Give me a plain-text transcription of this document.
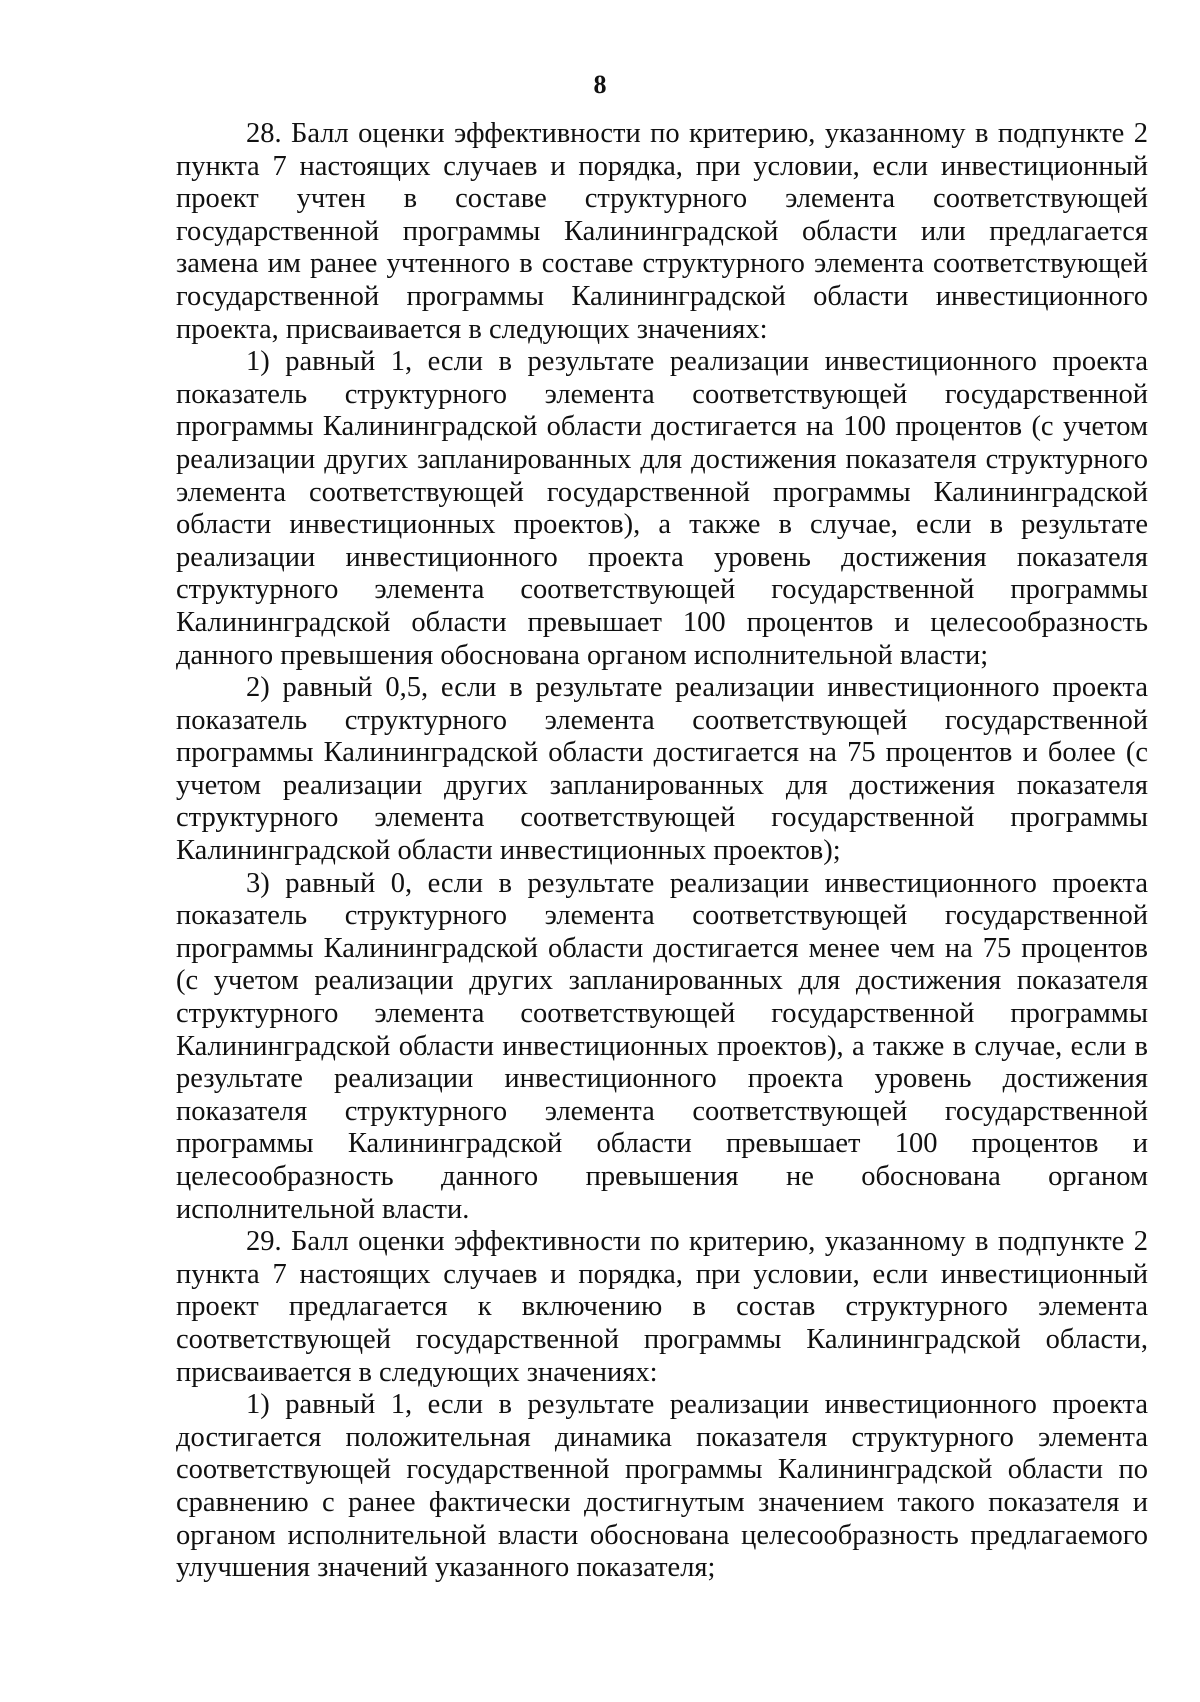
8

28. Балл оценки эффективности по критерию, указанному в подпункте 2 пункта 7 настоящих случаев и порядка, при условии, если инвестиционный проект учтен в составе структурного элемента соответствующей государственной программы Калининградской области или предлагается замена им ранее учтенного в составе структурного элемента соответствующей государственной программы Калининградской области инвестиционного проекта, присваивается в следующих значениях:

1) равный 1, если в результате реализации инвестиционного проекта показатель структурного элемента соответствующей государственной программы Калининградской области достигается на 100 процентов (с учетом реализации других запланированных для достижения показателя структурного элемента соответствующей государственной программы Калининградской области инвестиционных проектов), а также в случае, если в результате реализации инвестиционного проекта уровень достижения показателя структурного элемента соответствующей государственной программы Калининградской области превышает 100 процентов и целесообразность данного превышения обоснована органом исполнительной власти;

2) равный 0,5, если в результате реализации инвестиционного проекта показатель структурного элемента соответствующей государственной программы Калининградской области достигается на 75 процентов и более (с учетом реализации других запланированных для достижения показателя структурного элемента соответствующей государственной программы Калининградской области инвестиционных проектов);

3) равный 0, если в результате реализации инвестиционного проекта показатель структурного элемента соответствующей государственной программы Калининградской области достигается менее чем на 75 процентов (с учетом реализации других запланированных для достижения показателя структурного элемента соответствующей государственной программы Калининградской области инвестиционных проектов), а также в случае, если в результате реализации инвестиционного проекта уровень достижения показателя структурного элемента соответствующей государственной программы Калининградской области превышает 100 процентов и целесообразность данного превышения не обоснована органом исполнительной власти.

29. Балл оценки эффективности по критерию, указанному в подпункте 2 пункта 7 настоящих случаев и порядка, при условии, если инвестиционный проект предлагается к включению в состав структурного элемента соответствующей государственной программы Калининградской области, присваивается в следующих значениях:

1) равный 1, если в результате реализации инвестиционного проекта достигается положительная динамика показателя структурного элемента соответствующей государственной программы Калининградской области по сравнению с ранее фактически достигнутым значением такого показателя и органом исполнительной власти обоснована целесообразность предлагаемого улучшения значений указанного показателя;
